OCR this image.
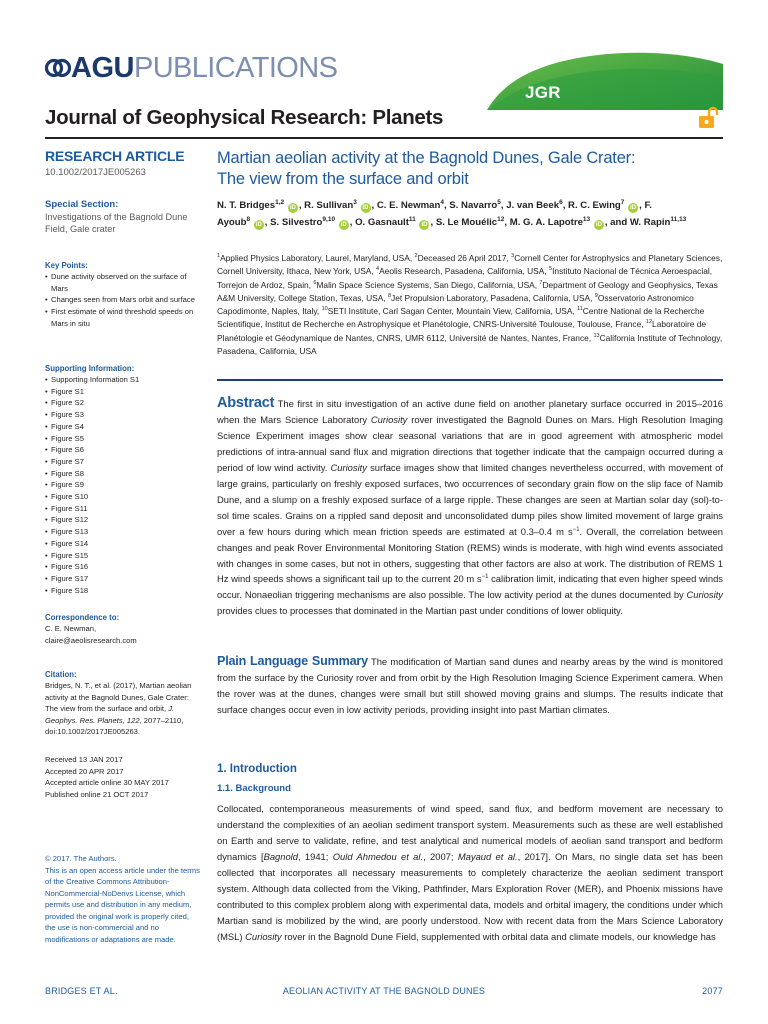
AGU PUBLICATIONS
JGR
Journal of Geophysical Research: Planets
RESEARCH ARTICLE
10.1002/2017JE005263
Special Section:
Investigations of the Bagnold Dune Field, Gale crater
Key Points:
• Dune activity observed on the surface of Mars
• Changes seen from Mars orbit and surface
• First estimate of wind threshold speeds on Mars in situ
Supporting Information:
• Supporting Information S1
• Figure S1
• Figure S2
• Figure S3
• Figure S4
• Figure S5
• Figure S6
• Figure S7
• Figure S8
• Figure S9
• Figure S10
• Figure S11
• Figure S12
• Figure S13
• Figure S14
• Figure S15
• Figure S16
• Figure S17
• Figure S18
Correspondence to:
C. E. Newman,
claire@aeolisresearch.com
Citation:
Bridges, N. T., et al. (2017), Martian aeolian activity at the Bagnold Dunes, Gale Crater: The view from the surface and orbit, J. Geophys. Res. Planets, 122, 2077–2110, doi:10.1002/2017JE005263.
Received 13 JAN 2017
Accepted 20 APR 2017
Accepted article online 30 MAY 2017
Published online 21 OCT 2017
© 2017. The Authors.
This is an open access article under the terms of the Creative Commons Attribution-NonCommercial-NoDerivs License, which permits use and distribution in any medium, provided the original work is properly cited, the use is non-commercial and no modifications or adaptations are made.
Martian aeolian activity at the Bagnold Dunes, Gale Crater: The view from the surface and orbit
N. T. Bridges$^{1,2}$ iD , R. Sullivan$^3$ iD , C. E. Newman$^4$, S. Navarro$^5$, J. van Beek$^6$, R. C. Ewing$^7$ iD , F. Ayoub$^8$ iD , S. Silvestro$^{9,10}$ iD , O. Gasnault$^{11}$ iD , S. Le Mouélic$^{12}$, M. G. A. Lapotre$^{13}$ iD , and W. Rapin$^{11,13}$
$^1$Applied Physics Laboratory, Laurel, Maryland, USA, $^2$Deceased 26 April 2017, $^3$Cornell Center for Astrophysics and Planetary Sciences, Cornell University, Ithaca, New York, USA, $^4$Aeolis Research, Pasadena, California, USA, $^5$Instituto Nacional de Técnica Aeroespacial, Torrejon de Ardoz, Spain, $^6$Malin Space Science Systems, San Diego, California, USA, $^7$Department of Geology and Geophysics, Texas A&M University, College Station, Texas, USA, $^8$Jet Propulsion Laboratory, Pasadena, California, USA, $^9$Osservatorio Astronomico Capodimonte, Naples, Italy, $^{10}$SETI Institute, Carl Sagan Center, Mountain View, California, USA, $^{11}$Centre National de la Recherche Scientifique, Institut de Recherche en Astrophysique et Planétologie, CNRS-Université Toulouse, Toulouse, France, $^{12}$Laboratoire de Planétologie et Géodynamique de Nantes, CNRS, UMR 6112, Université de Nantes, Nantes, France, $^{13}$California Institute of Technology, Pasadena, California, USA
Abstract The first in situ investigation of an active dune field on another planetary surface occurred in 2015–2016 when the Mars Science Laboratory Curiosity rover investigated the Bagnold Dunes on Mars. High Resolution Imaging Science Experiment images show clear seasonal variations that are in good agreement with atmospheric model predictions of intra-annual sand flux and migration directions that together indicate that the campaign occurred during a period of low wind activity. Curiosity surface images show that limited changes nevertheless occurred, with movement of large grains, particularly on freshly exposed surfaces, two occurrences of secondary grain flow on the slip face of Namib Dune, and a slump on a freshly exposed surface of a large ripple. These changes are seen at Martian solar day (sol)-to-sol time scales. Grains on a rippled sand deposit and unconsolidated dump piles show limited movement of large grains over a few hours during which mean friction speeds are estimated at 0.3–0.4 m $s^{-1}$. Overall, the correlation between changes and peak Rover Environmental Monitoring Station (REMS) winds is moderate, with high wind events associated with changes in some cases, but not in others, suggesting that other factors are also at work. The distribution of REMS 1 Hz wind speeds shows a significant tail up to the current 20 m $s^{-1}$ calibration limit, indicating that even higher speed winds occur. Nonaeolian triggering mechanisms are also possible. The low activity period at the dunes documented by Curiosity provides clues to processes that dominated in the Martian past under conditions of lower obliquity.
Plain Language Summary The modification of Martian sand dunes and nearby areas by the wind is monitored from the surface by the Curiosity rover and from orbit by the High Resolution Imaging Science Experiment camera. When the rover was at the dunes, changes were small but still showed moving grains and slumps. The results indicate that surface changes occur even in low activity periods, providing insight into past Martian climates.
1. Introduction
1.1. Background
Collocated, contemporaneous measurements of wind speed, sand flux, and bedform movement are necessary to understand the complexities of an aeolian sediment transport system. Measurements such as these are well established on Earth and serve to validate, refine, and test analytical and numerical models of aeolian sand transport and bedform dynamics [Bagnold, 1941; Ould Ahmedou et al., 2007; Mayaud et al., 2017]. On Mars, no single data set has been collected that incorporates all necessary measurements to completely characterize the aeolian sediment transport system. Although data collected from the Viking, Pathfinder, Mars Exploration Rover (MER), and Phoenix missions have contributed to this complex problem along with experimental data, models and orbital imagery, the conditions under which Martian sand is mobilized by the wind, are poorly understood. Now with recent data from the Mars Science Laboratory (MSL) Curiosity rover in the Bagnold Dune Field, supplemented with orbital data and climate models, our knowledge has
BRIDGES ET AL.	AEOLIAN ACTIVITY AT THE BAGNOLD DUNES	2077
